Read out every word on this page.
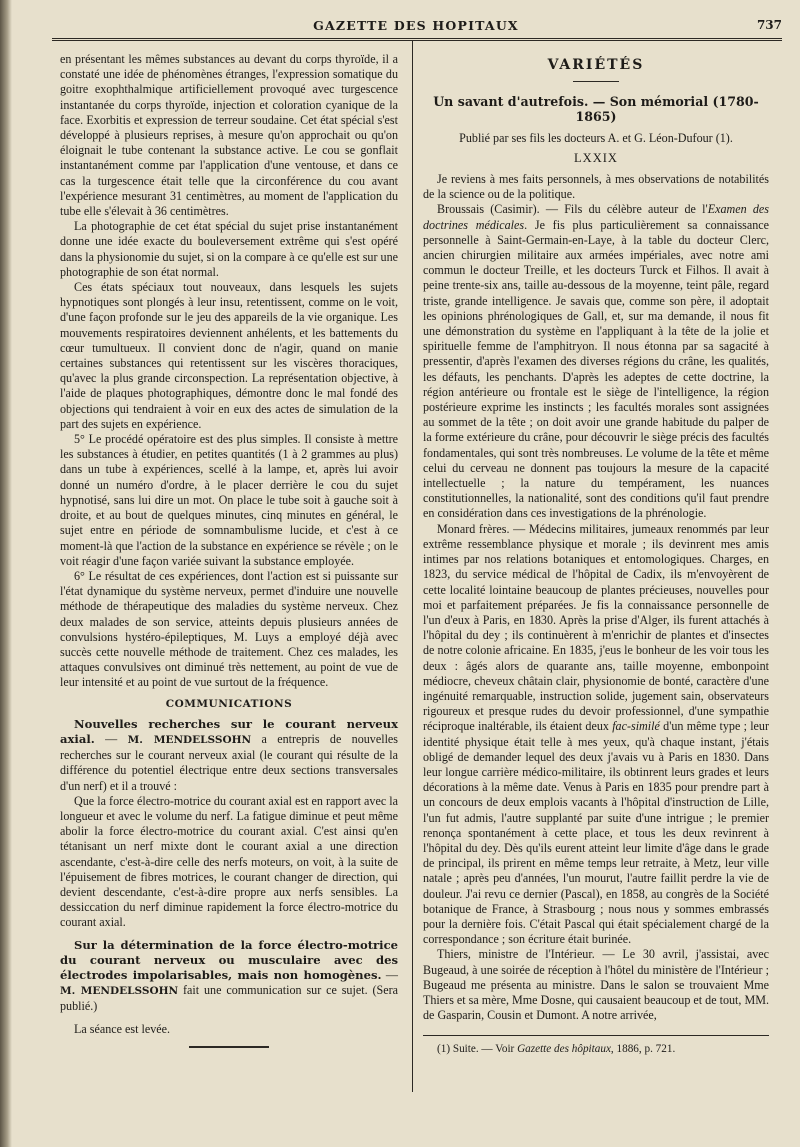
GAZETTE DES HOPITAUX	737

en présentant les mêmes substances au devant du corps thyroïde, il a constaté une idée de phénomènes étranges, l'expression somatique du goitre exophthalmique artificiellement provoqué avec turgescence instantanée du corps thyroïde, injection et coloration cyanique de la face. Exorbitis et expression de terreur soudaine. Cet état spécial s'est développé à plusieurs reprises, à mesure qu'on approchait ou qu'on éloignait le tube contenant la substance active. Le cou se gonflait instantanément comme par l'application d'une ventouse, et dans ce cas la turgescence était telle que la circonférence du cou avant l'expérience mesurant 31 centimètres, au moment de l'application du tube elle s'élevait à 36 centimètres.

La photographie de cet état spécial du sujet prise instantanément donne une idée exacte du bouleversement extrême qui s'est opéré dans la physionomie du sujet, si on la compare à ce qu'elle est sur une photographie de son état normal.

Ces états spéciaux tout nouveaux, dans lesquels les sujets hypnotiques sont plongés à leur insu, retentissent, comme on le voit, d'une façon profonde sur le jeu des appareils de la vie organique. Les mouvements respiratoires deviennent anhélents, et les battements du cœur tumultueux. Il convient donc de n'agir, quand on manie certaines substances qui retentissent sur les viscères thoraciques, qu'avec la plus grande circonspection. La représentation objective, à l'aide de plaques photographiques, démontre donc le mal fondé des objections qui tendraient à voir en eux des actes de simulation de la part des sujets en expérience.

5° Le procédé opératoire est des plus simples. Il consiste à mettre les substances à étudier, en petites quantités (1 à 2 grammes au plus) dans un tube à expériences, scellé à la lampe, et, après lui avoir donné un numéro d'ordre, à le placer derrière le cou du sujet hypnotisé, sans lui dire un mot. On place le tube soit à gauche soit à droite, et au bout de quelques minutes, cinq minutes en général, le sujet entre en période de somnambulisme lucide, et c'est à ce moment-là que l'action de la substance en expérience se révèle ; on le voit réagir d'une façon variée suivant la substance employée.

6° Le résultat de ces expériences, dont l'action est si puissante sur l'état dynamique du système nerveux, permet d'induire une nouvelle méthode de thérapeutique des maladies du système nerveux. Chez deux malades de son service, atteints depuis plusieurs années de convulsions hystéro-épileptiques, M. Luys a employé déjà avec succès cette nouvelle méthode de traitement. Chez ces malades, les attaques convulsives ont diminué très nettement, au point de vue de leur intensité et au point de vue surtout de la fréquence.

COMMUNICATIONS

Nouvelles recherches sur le courant nerveux axial. — M. MENDELSSOHN a entrepris de nouvelles recherches sur le courant nerveux axial (le courant qui résulte de la différence du potentiel électrique entre deux sections transversales d'un nerf) et il a trouvé :

Que la force électro-motrice du courant axial est en rapport avec la longueur et avec le volume du nerf. La fatigue diminue et peut même abolir la force électro-motrice du courant axial. C'est ainsi qu'en tétanisant un nerf mixte dont le courant axial a une direction ascendante, c'est-à-dire celle des nerfs moteurs, on voit, à la suite de l'épuisement de fibres motrices, le courant changer de direction, qui devient descendante, c'est-à-dire propre aux nerfs sensibles. La dessiccation du nerf diminue rapidement la force électro-motrice du courant axial.

Sur la détermination de la force électro-motrice du courant nerveux ou musculaire avec des électrodes impolarisables, mais non homogènes. — M. MENDELSSOHN fait une communication sur ce sujet. (Sera publié.)

La séance est levée.

VARIÉTÉS
Un savant d'autrefois. — Son mémorial (1780-1865)
Publié par ses fils les docteurs A. et G. Léon-Dufour (1).
LXXIX

Je reviens à mes faits personnels, à mes observations de notabilités de la science ou de la politique.

Broussais (Casimir). — Fils du célèbre auteur de l'Examen des doctrines médicales. Je fis plus particulièrement sa connaissance personnelle à Saint-Germain-en-Laye, à la table du docteur Clerc, ancien chirurgien militaire aux armées impériales, avec notre ami commun le docteur Treille, et les docteurs Turck et Filhos. Il avait à peine trente-six ans, taille au-dessous de la moyenne, teint pâle, regard triste, grande intelligence. Je savais que, comme son père, il adoptait les opinions phrénologiques de Gall, et, sur ma demande, il nous fit une démonstration du système en l'appliquant à la tête de la jolie et spirituelle femme de l'amphitryon. Il nous étonna par sa sagacité à pressentir, d'après l'examen des diverses régions du crâne, les qualités, les défauts, les penchants. D'après les adeptes de cette doctrine, la région antérieure ou frontale est le siège de l'intelligence, la région postérieure exprime les instincts ; les facultés morales sont assignées au sommet de la tête ; on doit avoir une grande habitude du palper de la forme extérieure du crâne, pour découvrir le siège précis des facultés fondamentales, qui sont très nombreuses. Le volume de la tête et même celui du cerveau ne donnent pas toujours la mesure de la capacité intellectuelle ; la nature du tempérament, les nuances constitutionnelles, la nationalité, sont des conditions qu'il faut prendre en considération dans ces investigations de la phrénologie.

Monard frères. — Médecins militaires, jumeaux renommés par leur extrême ressemblance physique et morale ; ils devinrent mes amis intimes par nos relations botaniques et entomologiques. Charges, en 1823, du service médical de l'hôpital de Cadix, ils m'envoyèrent de cette localité lointaine beaucoup de plantes précieuses, nouvelles pour moi et parfaitement préparées. Je fis la connaissance personnelle de l'un d'eux à Paris, en 1830. Après la prise d'Alger, ils furent attachés à l'hôpital du dey ; ils continuèrent à m'enrichir de plantes et d'insectes de notre colonie africaine. En 1835, j'eus le bonheur de les voir tous les deux : âgés alors de quarante ans, taille moyenne, embonpoint médiocre, cheveux châtain clair, physionomie de bonté, caractère d'une ingénuité remarquable, instruction solide, jugement sain, observateurs rigoureux et presque rudes du devoir professionnel, d'une sympathie réciproque inaltérable, ils étaient deux fac-similé d'un même type ; leur identité physique était telle à mes yeux, qu'à chaque instant, j'étais obligé de demander lequel des deux j'avais vu à Paris en 1830. Dans leur longue carrière médico-militaire, ils obtinrent leurs grades et leurs décorations à la même date. Venus à Paris en 1835 pour prendre part à un concours de deux emplois vacants à l'hôpital d'instruction de Lille, l'un fut admis, l'autre supplanté par suite d'une intrigue ; le premier renonça spontanément à cette place, et tous les deux revinrent à l'hôpital du dey. Dès qu'ils eurent atteint leur limite d'âge dans le grade de principal, ils prirent en même temps leur retraite, à Metz, leur ville natale ; après peu d'années, l'un mourut, l'autre faillit perdre la vie de douleur. J'ai revu ce dernier (Pascal), en 1858, au congrès de la Société botanique de France, à Strasbourg ; nous nous y sommes embrassés pour la dernière fois. C'était Pascal qui était spécialement chargé de la correspondance ; son écriture était burinée.

Thiers, ministre de l'Intérieur. — Le 30 avril, j'assistai, avec Bugeaud, à une soirée de réception à l'hôtel du ministère de l'Intérieur ; Bugeaud me présenta au ministre. Dans le salon se trouvaient Mme Thiers et sa mère, Mme Dosne, qui causaient beaucoup et de tout, MM. de Gasparin, Cousin et Dumont. A notre arrivée,

(1) Suite. — Voir Gazette des hôpitaux, 1886, p. 721.
